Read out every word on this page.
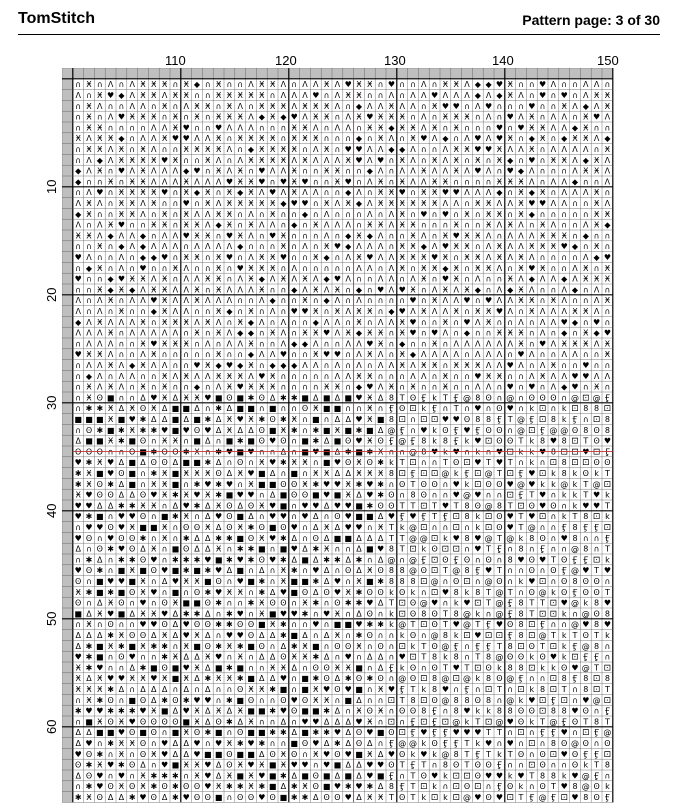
TomStitch	Pattern page: 3 of 30
110	120	130	140	150
10
20
30
40
50
60
∩ Ӿ ∩ Ʌ ∩ Ʌ Ӿ Ӿ Ӿ ∩ Ӿ ◆ ∩ Ӿ ∩ ∩ Ʌ Ӿ Ӿ Ʌ ∩ Ʌ Ʌ Ӿ Ʌ ♥ Ӿ Ӿ ∩ ♥ ∩ ∩ Ʌ ∩ Ӿ Ӿ Ʌ ◆ ◆ ♥ Ӿ ∩ ∩ ♥ Ʌ ∩ ∩ Ʌ Ʌ ∩
Ʌ ∩ Ӿ ♥ ◆ Ʌ Ӿ Ӿ Ʌ Ӿ Ӿ ∩ ∩ Ӿ Ӿ Ӿ Ӿ Ӿ ∩ Ʌ Ʌ Ʌ ♥ ∩ Ʌ Ӿ Ӿ ∩ ∩ Ʌ ∩ Ʌ Ʌ ♥ Ʌ Ʌ Ʌ ◆ Ʌ ◆ Ӿ Ʌ ∩ ♥ ∩ ♥ ∩ Ʌ Ӿ Ӿ
∩ Ӿ Ʌ ∩ ∩ Ʌ Ʌ ∩ Ӿ ∩ Ʌ Ӿ Ӿ ∩ Ӿ Ʌ ∩ Ӿ Ӿ Ӿ Ʌ Ӿ Ӿ Ӿ Ʌ ∩ ◆ Ʌ Ʌ Ӿ Ʌ Ʌ ∩ Ӿ ♥ ♥ ∩ Ʌ ♥ ∩ ∩ ∩ ♥ ∩ ∩ Ӿ Ʌ ◆ Ʌ Ӿ
∩ Ӿ ∩ Ʌ ♥ Ӿ Ӿ Ӿ ∩ Ӿ ∩ Ӿ ∩ Ӿ Ӿ Ӿ Ʌ ◆ Ӿ ◆ ♥ Ʌ Ӿ Ӿ ∩ Ʌ Ӿ ♥ Ӿ Ӿ Ӿ ∩ Ʌ ∩ Ӿ Ӿ Ӿ ∩ Ʌ ∩ ♥ Ʌ Ӿ ∩ Ʌ Ʌ ∩ Ӿ ♥ Ʌ
∩ Ӿ Ӿ ∩ ∩ ∩ ∩ Ʌ Ʌ Ӿ ♥ ∩ ∩ ♥ Ʌ Ʌ Ʌ ∩ ∩ ∩ Ӿ Ӿ Ʌ ∩ Ʌ Ʌ ∩ Ӿ Ӿ ◆ Ӿ Ӿ Ʌ Ӿ ∩ Ӿ ∩ ∩ ∩ ♥ ∩ ♥ Ӿ Ӿ Ʌ Ʌ ◆ Ӿ ∩ ∩
Ӿ Ʌ Ӿ Ӿ ◆ ∩ Ʌ Ʌ Ӿ ♥ ♥ Ʌ Ʌ Ӿ ∩ Ӿ Ӿ Ӿ Ӿ ∩ Ӿ Ӿ Ӿ ∩ ∩ ∩ ◆ ∩ Ӿ Ʌ ∩ Ӿ ♥ Ʌ ◆ ∩ Ʌ ♥ Ʌ ♥ Ӿ ∩ ◆ Ӿ ∩ ◆ Ӿ Ӿ Ʌ ◆
∩ Ӿ Ӿ Ʌ Ӿ ∩ Ӿ Ʌ ∩ ∩ Ӿ Ӿ Ӿ Ӿ Ʌ ∩ ◆ Ӿ Ӿ Ӿ Ӿ ∩ Ʌ Ӿ ∩ ♥ ♥ Ʌ Ʌ ◆ ◆ Ʌ ∩ ∩ Ʌ Ӿ Ӿ ♥ ♥ Ӿ Ʌ Ʌ Ӿ ∩ Ʌ Ʌ Ʌ Ʌ ∩ Ӿ
∩ Ʌ ◆ Ʌ Ӿ Ӿ Ӿ Ӿ ♥ Ӿ ∩ ∩ Ӿ Ʌ ∩ Ʌ Ӿ Ӿ Ӿ Ӿ Ʌ Ӿ Ʌ Ʌ Ʌ Ӿ ♥ Ʌ ♥ ∩ Ӿ Ʌ ∩ Ӿ Ʌ Ӿ ∩ Ӿ ∩ Ӿ ◆ ∩ ♥ ∩ Ӿ Ӿ Ʌ ◆ Ӿ Ʌ
◆ Ʌ Ӿ ∩ ♥ Ʌ Ӿ Ʌ Ʌ Ʌ ◆ ♥ ∩ Ӿ Ʌ Ӿ ∩ ♥ Ʌ Ʌ Ӿ ∩ ∩ Ӿ Ӿ ∩ ∩ ◆ Ʌ ∩ Ʌ Ʌ Ӿ Ʌ Ʌ Ӿ Ʌ ♥ Ʌ ∩ ♥ ◆ Ʌ ∩ ∩ ∩ Ʌ Ӿ Ӿ Ʌ
◆ ∩ ∩ Ӿ ∩ Ӿ Ӿ Ʌ Ʌ Ʌ Ӿ Ʌ Ʌ Ʌ ♥ Ӿ Ӿ ♥ ∩ ♥ Ӿ ♥ ∩ ∩ Ӿ ♥ ∩ Ʌ Ӿ ∩ Ӿ Ʌ Ʌ Ӿ Ӿ ∩ ∩ ∩ ∩ Ӿ Ӿ Ӿ Ʌ ∩ Ʌ Ʌ ◆ ∩ ∩ Ʌ
∩ Ʌ ♥ ∩ Ӿ Ӿ Ӿ Ӿ ♥ ∩ Ӿ ◆ Ӿ ∩ Ӿ ◆ Ӿ Ʌ ♥ Ʌ Ӿ Ʌ Ʌ ∩ ∩ ◆ Ʌ ∩ Ӿ Ӿ ♥ ∩ Ӿ Ӿ ♥ ♥ Ʌ Ʌ Ʌ ◆ ∩ Ӿ ◆ Ӿ ∩ Ʌ Ʌ Ʌ Ӿ ∩
Ʌ Ӿ Ʌ ∩ Ӿ Ӿ Ʌ Ӿ ∩ ∩ ♥ ∩ Ӿ Ʌ Ӿ Ӿ Ӿ Ӿ Ӿ ◆ ♥ ♥ ∩ Ӿ Ʌ Ӿ ◆ Ʌ Ӿ Ӿ Ӿ Ӿ Ӿ Ӿ Ʌ Ʌ ∩ Ӿ Ӿ Ʌ Ʌ Ӿ ♥ ♥ Ʌ Ʌ ∩ ∩ Ӿ Ʌ
◆ Ӿ ∩ ∩ Ӿ Ӿ Ʌ ∩ Ӿ ∩ Ӿ Ʌ Ʌ Ӿ Ӿ ∩ Ʌ ∩ Ӿ ∩ ∩ ◆ ∩ Ʌ ∩ ∩ ∩ Ʌ ∩ Ʌ Ӿ ∩ ♥ ∩ ♥ ∩ Ӿ ∩ Ӿ Ӿ ∩ Ӿ ◆ ∩ ∩ ∩ ∩ ∩ Ӿ Ӿ
Ʌ ∩ Ʌ Ӿ ♥ ∩ ∩ Ӿ Ӿ ∩ Ӿ Ӿ Ʌ ◆ Ӿ ∩ Ӿ Ʌ Ʌ ∩ ◆ ∩ Ӿ Ʌ Ʌ Ʌ ∩ Ӿ Ӿ Ʌ Ӿ Ӿ ∩ ∩ ∩ Ӿ ∩ ∩ Ӿ Ʌ Ӿ Ʌ ∩ Ӿ Ʌ ∩ ∩ Ʌ Ӿ ◆
Ӿ Ӿ Ʌ ◆ Ʌ Ʌ ◆ ∩ Ʌ Ʌ ♥ Ӿ Ӿ ∩ ♥ Ӿ Ʌ ∩ ♥ Ӿ ∩ ∩ ∩ Ʌ ∩ ◆ Ӿ ◆ Ʌ ∩ ∩ Ӿ Ʌ ∩ Ӿ ♥ Ӿ Ӿ Ʌ ∩ Ʌ Ʌ Ʌ Ӿ Ӿ Ӿ ∩ ◆ ∩ ∩
∩ ∩ Ӿ ∩ ◆ Ʌ ◆ Ʌ Ʌ Ʌ ∩ Ʌ Ʌ Ʌ Ʌ ◆ ∩ ∩ ∩ Ӿ ∩ Ʌ ∩ Ӿ ♥ ◆ Ʌ Ʌ Ʌ ∩ Ӿ Ӿ ◆ Ʌ ♥ Ӿ Ӿ ∩ Ʌ Ӿ Ʌ Ʌ Ӿ Ӿ Ӿ ♥ ◆ ∩ Ӿ ∩
♥ Ʌ ∩ ∩ Ʌ ∩ ◆ ◆ ♥ ∩ Ӿ Ӿ ∩ Ӿ ♥ ∩ Ʌ Ӿ Ӿ ♥ ∩ ∩ Ӿ ◆ ∩ Ʌ Ӿ ♥ Ʌ Ʌ Ӿ Ӿ Ӿ ♥ Ӿ ∩ Ӿ Ӿ Ʌ Ӿ Ʌ Ӿ Ʌ ∩ ∩ ∩ ∩ Ʌ ◆ ♥
∩ ◆ Ӿ ∩ Ʌ ∩ ♥ ∩ ∩ Ӿ Ʌ ∩ ∩ Ӿ ∩ ♥ Ӿ Ӿ Ӿ ∩ Ʌ ∩ ∩ ∩ ∩ ∩ Ʌ Ʌ ∩ Ʌ Ӿ ∩ Ӿ Ӿ ◆ Ӿ ∩ Ӿ Ӿ Ʌ ∩ Ӿ ♥ Ӿ ∩ ∩ Ʌ Ӿ ∩ Ӿ
♥ ∩ ∩ ◆ ♥ Ӿ Ӿ Ʌ Ӿ ∩ Ʌ Ʌ Ӿ Ӿ ∩ Ʌ Ӿ ◆ Ʌ Ӿ Ʌ Ӿ Ʌ ◆ ♥ Ʌ ∩ ∩ Ʌ Ʌ ∩ Ʌ Ӿ ∩ ♥ Ӿ ∩ Ʌ ∩ ∩ Ӿ Ʌ ◆ Ʌ Ʌ ◆ Ʌ Ӿ Ӿ Ӿ
∩ ∩ Ӿ ◆ Ӿ ◆ Ʌ Ӿ Ӿ Ʌ Ʌ Ӿ ∩ Ӿ Ʌ Ʌ Ʌ Ӿ ∩ ∩ ◆ Ʌ Ӿ Ʌ Ӿ ∩ ◆ ∩ ♥ Ʌ ♥ Ӿ ∩ Ʌ Ӿ Ʌ Ӿ ◆ ∩ Ʌ ◆ Ӿ Ʌ ∩ ∩ Ʌ ◆ ∩ Ʌ ∩
Ʌ ∩ Ʌ Ӿ ∩ Ʌ Ʌ ♥ Ӿ Ʌ Ʌ Ӿ Ʌ Ʌ Ʌ ∩ ∩ Ʌ ◆ ∩ ∩ Ӿ ∩ ◆ Ʌ ∩ Ʌ ∩ ∩ ∩ ∩ ♥ ∩ Ӿ Ʌ Ʌ ♥ ∩ ♥ Ʌ Ʌ Ӿ Ӿ ∩ Ӿ Ʌ ∩ ∩ Ʌ Ӿ
Ʌ ∩ Ʌ ∩ Ӿ ∩ ∩ ◆ Ӿ Ʌ Ʌ ∩ ∩ Ӿ ◆ ∩ Ӿ ∩ Ʌ ∩ ♥ ♥ Ӿ ∩ Ӿ Ʌ Ӿ Ӿ ∩ ◆ ♥ Ʌ Ӿ Ʌ Ʌ Ӿ ∩ Ӿ Ӿ ♥ Ʌ ∩ Ӿ Ʌ Ʌ Ʌ Ӿ Ӿ Ʌ ∩
◆ Ʌ Ӿ Ʌ Ʌ Ʌ Ӿ ∩ Ӿ Ӿ Ӿ Ʌ Ӿ Ʌ ∩ Ӿ ◆ Ʌ ∩ Ʌ ∩ ∩ ◆ Ʌ Ʌ ∩ Ӿ ∩ Ʌ Ʌ Ӿ ♥ ∩ ∩ Ӿ ∩ ♥ Ʌ Ӿ ∩ ∩ Ʌ ∩ Ʌ Ʌ ♥ ◆ ∩ ♥ ∩
Ʌ Ʌ Ʌ Ӿ ∩ Ʌ Ʌ Ʌ Ʌ Ʌ ∩ Ӿ ∩ Ӿ Ʌ ◆ ◆ ∩ Ӿ Ʌ ∩ Ӿ Ӿ ♥ Ʌ Ӿ ◆ Ӿ Ӿ ∩ Ӿ ♥ ∩ ♥ Ʌ ∩ ◆ ∩ ∩ Ӿ Ӿ Ӿ ∩ Ʌ ∩ ◆ ∩ Ӿ ◆ ♥
∩ Ʌ Ʌ Ʌ ∩ ∩ Ӿ ♥ Ӿ Ӿ Ӿ ∩ Ʌ ∩ Ʌ Ʌ Ӿ ∩ ∩ Ʌ ◆ ◆ Ʌ ∩ ∩ Ʌ Ʌ ♥ Ӿ ∩ ◆ ∩ ∩ Ӿ ∩ Ʌ Ʌ Ʌ Ʌ Ʌ Ʌ Ӿ ∩ ♥ Ʌ Ӿ Ӿ Ӿ Ʌ Ӿ
♥ Ӿ Ӿ Ʌ ∩ ∩ Ʌ Ӿ ∩ ∩ ∩ ∩ ∩ Ӿ ∩ ∩ ◆ Ʌ Ʌ ♥ ∩ ∩ Ӿ ♥ ♥ ∩ Ʌ Ӿ Ʌ ∩ Ӿ ◆ Ʌ Ʌ Ʌ Ʌ ∩ Ʌ Ʌ Ʌ ∩ ♥ Ʌ ∩ ∩ Ʌ Ʌ ∩ ∩ Ӿ
∩ Ʌ Ʌ Ӿ Ʌ ◆ Ӿ Ʌ Ʌ ∩ ∩ ♥ Ӿ ◆ ♥ ◆ Ӿ ∩ ◆ ◆ ◆ Ʌ Ʌ ∩ Ʌ ∩ Ʌ ∩ Ʌ Ʌ Ӿ Ʌ Ӿ Ӿ ∩ Ӿ Ӿ Ӿ Ʌ Ʌ ♥ Ʌ ∩ Ʌ Ӿ ∩ ∩ ♥ ∩ ∩
∩ ◆ Ʌ ∩ Ʌ Ʌ ∩ ∩ Ӿ Ʌ Ӿ Ʌ Ʌ Ӿ Ӿ Ӿ Ʌ ♥ Ӿ ∩ ∩ ∩ ∩ ∩ Ʌ Ʌ Ӿ Ӿ ∩ ∩ ∩ Ʌ Ʌ ∩ Ӿ ∩ ∩ ♥ Ӿ Ӿ ∩ ∩ Ʌ Ӿ Ʌ Ʌ ♥ ♥ Ʌ Ʌ
∩ Ӿ Ʌ Ӿ Ʌ ∩ Ӿ ∩ Ӿ ∩ ∩ ◆ ∩ Ʌ Ӿ ♥ Ӿ Ӿ Ӿ ∩ ∩ ∩ ∩ Ӿ Ӿ ∩ ◆ ♥ Ʌ Ӿ ∩ Ӿ ∩ ∩ Ӿ ∩ ∩ Ʌ Ʌ ∩ ♥ ∩ ♥ ∩ Ʌ ◆ ♥ ∩ Ӿ ∩
∩ Ӿ Ꙩ ■ ∩ ∩ Δ ♥ Ӿ Δ Ӿ Ӿ ♥ ■ Ꙩ ■ ✱ Ꙩ Δ ✱ ✱ ■ Δ ■ Δ ■ ♥ Ӿ Δ 8 T Ꙩ Ӻ k T Ӻ @ 8 Ꙩ ∩ @ ∩ Ꙩ Ꙩ Ꙩ ∩ @ ⚀ @ Ӻ
∩ ✱ ✱ Ӿ Δ Ӿ Ꙩ Ӿ Δ ■ ■ Δ ∩ ✱ Δ ■ ■ ∩ ■ ∩ ∩ Ꙩ Ӿ ■ ■ ∩ ∩ Ӿ ∩ Ӻ Ꙩ ⚀ k Ӻ ∩ T ∩ ♥ ∩ Ꙩ ♥ ∩ k ⚀ ∩ k ⚀ 8 8 ⚀
■ ■ ■ Ӿ ■ ♥ ✱ Δ Δ ■ Δ ■ ✱ Δ Ӿ ♥ Ӿ ✱ Ꙩ ✱ Ӿ ∩ ■ ∩ Δ Δ ♥ Ӿ ■ 8 ⚀ ∩ ⚀ ⚀ ♥ ♥ Ꙩ 8 8 Ӻ T @ Ӻ ⚀ 8 k Ӻ ∩ ⚀ 8
∩ Ꙩ ✱ ■ ✱ Ӿ ✱ ✱ ♥ ■ ♥ Ꙩ ♥ Δ Ӿ Δ Δ Ꙩ ■ Ӿ ✱ ∩ ✱ ■ Ӿ ■ ✱ ■ Δ @ Ӻ ∩ ♥ k Ꙩ Ӻ ♥ Ӻ Ꙩ Ꙩ ∩ @ ⚀ Ӻ @ @ Ꙩ 8 Ꙩ 8
Δ ■ ■ Ӿ ✱ ■ Ꙩ ∩ Ӿ Ӿ ∩ ■ Δ ∩ ■ ✱ ■ Ꙩ ♥ Ꙩ ∩ ■ ✱ Δ ■ Ꙩ ♥ Ӿ Ꙩ Ӻ @ Ӻ 8 k 8 Ӻ k ♥ ⚀ Ꙩ Ꙩ T k 8 ♥ 8 ⚀ T Ꙩ ♥
Ꙩ Ꙩ Ꙩ ∩ ∩ Ꙩ ■ ✱ Ꙩ Ꙩ ✱ Ӿ ∩ ✱ ♥ ■ ♥ ∩ ∩ Δ ∩ ■ ♥ ■ Δ ✱ ■ ✱ Ӿ ∩ ∩ @ 8 ♥ k ♥ ∩ k ∩ ♥ ⚀ k k ♥ 8 ⚀ ⚀ ♥ ⚀ Ӻ
♥ ✱ Ӿ ♥ Δ ■ Δ Ꙩ Ꙩ Δ ■ ■ ✱ Δ ∩ Ꙩ ∩ Ӿ ♥ ✱ Ӿ Ӿ ∩ ■ ♥ Ꙩ Ӿ Ꙩ ✱ k T ⚀ ∩ ∩ T Ꙩ ⚀ ♥ T ♥ T ∩ k ∩ ⚀ 8 ⚀ ⚀ Ꙩ Ꙩ
✱ Ӿ ■ ♥ Ꙩ ■ ∩ ✱ Ӿ ■ Ӿ Ӿ Ӿ Ꙩ Δ Ӿ ♥ ■ Δ ∩ ■ ∩ Ӿ Ӿ Δ Δ Ӿ Ӿ Ӿ 8 ⚀ Ӻ ⚀ ⚀ @ k Ӻ ⚀ @ T ⚀ Ӻ ♥ ⚀ k 8 k Ꙩ k T
✱ Ӿ Ꙩ ✱ Δ ■ ∩ Ӿ Ӿ ■ ∩ ✱ ♥ ✱ ♥ ∩ Ӿ ■ ■ Ꙩ Ꙩ Ӿ ✱ ♥ ♥ Ӿ ✱ ♥ ✱ ∩ Ꙩ T Ꙩ Ꙩ ∩ ♥ k ⚀ Ꙩ Ꙩ ♥ @ ♥ k k @ k T @ ⚀
Ӿ ♥ Ꙩ Ꙩ Δ Δ Ꙩ ♥ Ӿ ✱ Ӿ ♥ Ӿ ✱ ■ ♥ ♥ ∩ Δ ■ Ꙩ Ꙩ ■ ♥ ■ Ӿ Δ ♥ ✱ Ꙩ ∩ 8 Ꙩ ∩ ∩ ♥ @ ♥ ∩ ∩ ⚀ Ӻ T ♥ ∩ k k T ♥ k
♥ ♥ Δ Δ ✱ ✱ Ӿ Ӿ ∩ Δ ♥ ✱ Δ Ӿ Ꙩ Δ Ꙩ Ӿ ♥ ■ ∩ ♥ ♥ Δ ♥ ♥ ■ ✱ Ꙩ Ꙩ T T ⚀ T ♥ T 8 Ꙩ @ 8 T ⚀ Ꙩ ♥ Ꙩ ∩ k ♥ ♥ T
♥ ✱ ■ ∩ ♥ ♥ Ꙩ ∩ ■ ✱ Ӿ ∩ Δ ♥ Ꙩ ■ Δ ∩ ♥ ♥ ∩ ♥ Δ ∩ Ꙩ ♥ ■ ■ Δ ♥ Ӻ ♥ Ӻ T Ӻ ⚀ 8 k ⚀ Ꙩ ♥ T ♥ ⚀ ∩ k T 8 ⚀ k
∩ ♥ ♥ Ꙩ ♥ Ӿ ■ ■ Ӿ ∩ Ꙩ Ꙩ Ӿ Δ Ꙩ Ӿ ✱ Ꙩ ■ Ꙩ ♥ ∩ Δ Ӿ Δ ♥ ♥ ∩ Ӿ T k @ ⚀ ∩ ∩ ⚀ ∩ k ⚀ Ꙩ ♥ T @ ∩ ∩ Ӻ 8 Ӻ Ӻ ⚀
♥ Ꙩ ∩ ♥ Ꙩ Ꙩ ✱ ∩ Ӿ ∩ ✱ Δ Δ ✱ ✱ ■ Ꙩ Ӿ ♥ ✱ Δ ∩ Ꙩ Δ ■ ■ Δ Δ Δ T T @ @ ⚀ k ♥ 8 ♥ @ T @ k 8 Ꙩ ∩ ♥ 8 ∩ ∩ Ӻ
Δ ∩ Ꙩ ✱ ♥ Ꙩ Δ Ӿ ∩ ■ Ꙩ Δ Δ Ӿ ∩ ✱ ✱ ■ ∩ ■ ♥ Δ ✱ Ӿ ∩ ∩ Δ ■ ♥ 8 T ⚀ k Ꙩ ⚀ ⚀ ∩ ♥ T Ӻ ∩ 8 ∩ Ӻ ∩ ∩ @ 8 ∩ T
∩ ✱ Δ ∩ ✱ ✱ Ꙩ ♥ ∩ ✱ ✱ ✱ ♥ ■ ✱ ♥ ✱ Ꙩ ♥ ✱ Δ ■ Δ ✱ ✱ Δ ✱ ∩ Δ @ ∩ @ Ӻ ⚀ Ꙩ Ӻ Ꙩ ∩ Ꙩ ∩ 8 ♥ Ꙩ ♥ T Ꙩ Ӻ Ӻ ⚀ k
♥ Ꙩ ✱ ∩ ■ Ӿ ■ Ꙩ ♥ ■ ✱ ■ ✱ ♥ Δ ■ ∩ Δ ∩ Ӿ ✱ ∩ ♥ Δ ∩ Ꙩ Δ Ӿ Ꙩ 8 8 @ Ꙩ ⚀ T @ 8 Ӻ ♥ T ∩ ∩ Ꙩ ∩ Ꙩ Ӻ @ ♥ T ♥
Ꙩ ∩ ■ ♥ ♥ ■ Ӿ ∩ Δ ♥ Ӿ Ӿ ■ Ꙩ ∩ ♥ ■ ✱ ∩ Ӿ ■ ■ ✱ Δ ♥ ∩ Ӿ ■ ✱ 8 8 8 ⚀ @ ∩ Ꙩ ⚀ ∩ @ Ꙩ ∩ k ♥ ⚀ ∩ Ꙩ 8 Ꙩ Ꙩ ∩
Ӿ ✱ ■ ✱ ■ Ꙩ Ӿ ♥ ∩ ■ ∩ Ꙩ ✱ ♥ Ӿ Ӿ ∩ ✱ Δ ♥ ■ Ꙩ Δ Ꙩ ♥ Ӿ ✱ Ꙩ Ꙩ k Ꙩ k ∩ ⚀ ♥ 8 k 8 T @ T ∩ Ꙩ @ k Ꙩ Ӻ Ꙩ Ꙩ T
Ꙩ ∩ Δ Ӿ Ꙩ ∩ ♥ ∩ Ꙩ Ӿ ■ ■ Ꙩ ✱ ∩ ∩ ✱ Ӿ Ꙩ Ꙩ ∩ Ӿ ✱ ∩ Ꙩ ✱ ✱ ♥ Δ T ⚀ Ꙩ @ ♥ ∩ k ♥ ⚀ T @ Ӻ 8 T T ⚀ ♥ @ k 8 ♥
■ Δ Ӿ ♥ ■ Δ Ӿ Ӿ ♥ Δ ✱ ✱ Δ ∩ ✱ ♥ ∩ Ӿ ■ ♥ ♥ ✱ ∩ ♥ Ӿ ∩ Δ Ꙩ ∩ k ⚀ Ꙩ 8 Ꙩ T 8 @ k ∩ @ Ӻ 8 T ⚀ ⚀ k ∩ @ Ꙩ 8
∩ Ӿ ∩ Ꙩ ∩ ∩ ♥ ♥ Ꙩ Δ ♥ Ꙩ Ꙩ ✱ ✱ Ꙩ Ꙩ ■ Ӿ ✱ ∩ ∩ ♥ ∩ ■ ■ ♥ ✱ ✱ k @ T ⚀ Ꙩ T ♥ @ T Ӻ ♥ Ꙩ 8 ⚀ Ӻ ∩ ∩ @ ♥ 8 ♥
Δ Δ Δ ✱ Ӿ Ꙩ Ꙩ Δ Ӿ Δ ♥ Ӿ Δ ∩ ♥ ♥ Ꙩ Δ Δ ✱ ■ Δ ∩ Δ Ӿ ∩ ✱ Ꙩ ∩ ∩ k Ꙩ ∩ @ 8 k ⚀ ♥ ⚀ ⚀ Ӻ 8 ⚀ @ T k T Ꙩ T k
Δ ✱ ■ Ӿ ✱ ■ Ӿ ✱ ✱ ∩ Ӿ ■ Ꙩ ✱ Ӿ ✱ ■ Ꙩ ∩ Δ ✱ Ӿ ■ ∩ Ꙩ Ꙩ Ӿ ∩ Ꙩ ∩ ⚀ k T Ꙩ @ Ӻ ∩ Ӻ Ӻ T 8 ⚀ Ꙩ T ⚀ k Ӻ @ 8 ∩
♥ ✱ ■ ∩ Ꙩ ♥ ∩ ∩ ✱ Ӿ Δ Δ Ӿ ♥ ∩ Ӿ ∩ Δ Δ Ꙩ Ӿ Ӿ ✱ Δ ∩ ♥ ∩ Δ Δ ∩ ♥ ⚀ T 8 k 8 ∩ T 8 @ Ꙩ Ꙩ k Ꙩ ♥ k ⚀ Ӻ Ӻ ∩
Ӿ ✱ ♥ ∩ ∩ Δ ✱ ■ Ꙩ ■ ♥ Ӿ Δ ■ ✱ ■ ∩ ∩ Ӿ Ӿ Δ ∩ Ꙩ Ꙩ Ӿ Ӿ ■ ∩ Δ Ӻ k Ꙩ ∩ Ꙩ T ♥ T ⚀ Ꙩ k 8 8 ⚀ k k Ꙩ ♥ @ T ⚀
Ӿ Δ Ӿ ♥ ♥ Ӿ Ӿ ♥ Ӿ ■ Ӿ Δ ✱ Ӿ Ӿ ✱ ■ Δ Δ ♥ ∩ ■ ✱ Ꙩ Δ ✱ Ꙩ ✱ Ꙩ ∩ @ Ꙩ ⚀ 8 @ ⚀ @ k 8 Ꙩ @ Ӻ ∩ ∩ ⚀ 8 Ӻ 8 ⚀ 8
Ӿ Ӿ Ӿ ✱ Δ ∩ Δ Δ Δ ∩ Δ ∩ Δ ∩ ∩ Ꙩ Ӿ Ӿ ✱ ■ ∩ ■ Ӿ ♥ Ꙩ ♥ ■ ∩ Ӿ ♥ Ӻ T k 8 ♥ ∩ Ӻ ∩ ⚀ T ∩ ⚀ k 8 ⚀ T ∩ 8 ⚀ T
∩ Ӿ ✱ Ꙩ ∩ ■ Ꙩ Δ ✱ Ꙩ ✱ ♥ ♥ ∩ ✱ ■ Ꙩ ∩ ∩ Ꙩ ♥ Ꙩ Ӿ Ӿ ∩ ■ Δ ∩ ∩ ⚀ T 8 ⚀ Ꙩ @ 8 8 Ꙩ 8 ∩ @ k ♥ ⚀ Ӻ ⚀ ∩ ♥ @ ⚀
✱ ♥ ♥ ✱ ✱ ✱ ♥ Ӿ ■ Δ ♥ Ӿ Δ Ӿ Δ Ӿ ■ ■ ✱ ♥ Ꙩ ■ ■ ✱ Δ ∩ Ӿ Ꙩ Ӿ ∩ Ꙩ Ꙩ 8 Ӻ ∩ 8 ♥ k k 8 8 Ꙩ Ꙩ ⚀ 8 8 ♥ Ꙩ ∩ Ӻ
∩ ■ Ӿ Ꙩ Ӿ ♥ Ꙩ Ꙩ Ꙩ Ꙩ ■ Ӿ Δ Ꙩ ✱ Δ Ӿ ∩ ∩ Δ ∩ ♥ ♥ Δ Δ Δ ♥ Ӿ ∩ ⚀ ∩ Ӻ ⚀ Ӻ ⚀ @ k T ⚀ @ ♥ Ꙩ k T @ Ӻ Ꙩ T 8 T
Δ Δ ■ ■ ♥ Ꙩ ■ Ꙩ ∩ ■ Ӿ Ꙩ ✱ ■ ∩ Ꙩ ■ ■ ✱ ✱ Δ ■ ✱ ✱ ♥ Δ Ꙩ ♥ ■ Ꙩ ⚀ Ӻ ♥ Ӻ Ӻ ♥ ♥ ♥ T T ∩ ⚀ ∩ Ӻ Ӻ ♥ ∩ ⚀ Ӻ @
Δ ♥ ∩ ✱ Ӿ Ӿ Ꙩ ∩ ♥ Δ Δ ♥ ∩ ♥ Ӿ ✱ ♥ ✱ ∩ ∩ ■ Ꙩ ♥ Δ ✱ Δ Ꙩ Δ ∩ Ӻ @ @ k Ꙩ Ӻ Ӻ T k ♥ ∩ ♥ ∩ ⚀ ∩ 8 Ꙩ @ Ꙩ ∩ Ꙩ
♥ Ꙩ ✱ ∩ Ӿ ∩ Ꙩ Ӿ ♥ Δ Δ ♥ ■ ■ Ꙩ ■ ■ Δ Ꙩ Ӿ Ꙩ ∩ Ӿ ♥ Ꙩ ♥ ■ Ӿ Δ ♥ Ꙩ k ♥ k @ 8 T Ӻ T k T Ꙩ ∩ Ꙩ ⚀ ♥ Ꙩ Ӻ Ӻ ⚀
Ꙩ ✱ Ӿ ♥ ✱ Ꙩ Δ ∩ ♥ ■ Ӿ Ӿ ♥ Δ Ꙩ Ӿ ♥ Ӿ ■ Ӿ ♥ ♥ ∩ ♥ ■ Δ Δ ♥ ♥ Ꙩ T Ӻ T ∩ 8 Ꙩ T Ꙩ Ꙩ Ӻ ∩ ∩ ⚀ Ꙩ ∩ ∩ Ꙩ k T 8
Δ Ꙩ ♥ ∩ ♥ ∩ Ӿ ✱ ✱ ✱ ∩ Ӿ ♥ Δ Ӿ ■ Ӿ ♥ ■ ✱ Δ ■ Ꙩ ■ Δ ■ Δ ♥ ■ Ӻ ∩ T Ꙩ ♥ k ⚀ ⚀ Ꙩ ♥ ♥ k ♥ T 8 8 k ♥ @ Ӻ ∩
∩ ✱ ♥ Ꙩ Ӿ Ꙩ Ӿ ✱ Ꙩ ✱ Ꙩ Ꙩ ♥ Ӿ ✱ ✱ Ӿ ✱ ■ Δ ✱ Ӿ Ꙩ ■ ♥ ✱ ♥ ✱ Δ 8 Ӻ T ⚀ k ∩ ⚀ Ꙩ ⚀ ∩ Ӻ Ꙩ k ∩ Ꙩ T ♥ 8 @ Ꙩ k
✱ Ӿ Ꙩ Δ Δ ✱ ♥ Ꙩ Δ ✱ ♥ Ꙩ Ꙩ ■ ∩ Ꙩ Ꙩ ♥ Ꙩ ■ ✱ ✱ Δ Ꙩ Ꙩ ♥ Δ Ӿ Ӿ T Ꙩ T k ⚀ k ⚀ @ ♥ Ꙩ ♥ ⚀ T Ӻ @ Ӻ ⚀ ♥ 8 Ꙩ Ӻ
